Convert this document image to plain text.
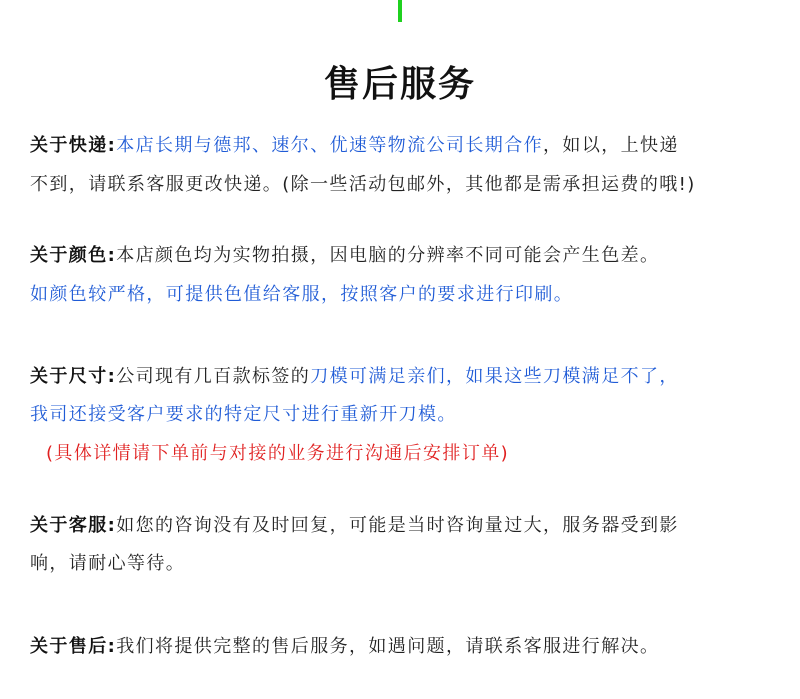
售后服务
关于快递:本店长期与德邦、速尔、优速等物流公司长期合作，如以，上快递
不到，请联系客服更改快递。(除一些活动包邮外，其他都是需承担运费的哦!)
关于颜色:本店颜色均为实物拍摄，因电脑的分辨率不同可能会产生色差。
如颜色较严格，可提供色值给客服，按照客户的要求进行印刷。
关于尺寸:公司现有几百款标签的刀模可满足亲们，如果这些刀模满足不了，
我司还接受客户要求的特定尺寸进行重新开刀模。
(具体详情请下单前与对接的业务进行沟通后安排订单)
关于客服:如您的咨询没有及时回复，可能是当时咨询量过大，服务器受到影
响，请耐心等待。
关于售后:我们将提供完整的售后服务，如遇问题，请联系客服进行解决。
